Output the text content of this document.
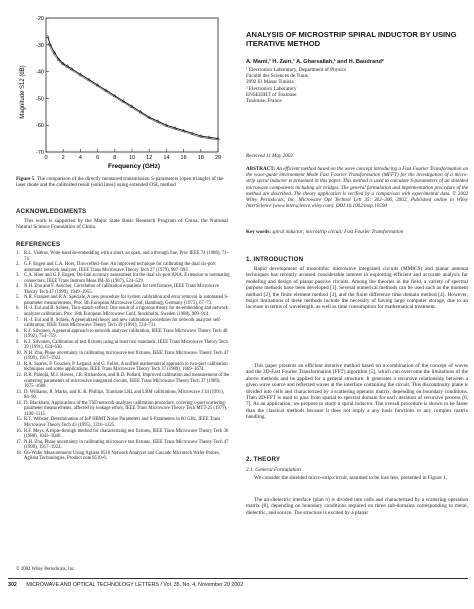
0	2	4	6	8 10 12 14 16 18 20
-20
-30
-40
-50
-60
-70
Magnitude S12 (dB)
Frequency (GHz)
Figure 5 The comparison of the directly measured transmission S-parameters (open triangle) of the laser diode and the calibrated result (solid lines) using extended OSL method
ACKNOWLEDGMENTS
This work is supported by the Major State Basic Research Program of China, the National Natural Science Foundation of China.
REFERENCES
1. R.L. Vaitkus, Wide-band de-embedding with a short, an open, and a through line, Proc IEEE 74 (1986), 71–74.
2. G.F. Engen and C.A. Hoer, Thru-reflect-line: An improved technique for calibrating the dual six-port automatic network analyzer, IEEE Trans Microwave Theory Tech 27 (1979), 987–993.
3. C.A. Hoer and G.F. Engen, On-line accuracy assessment for the dual six-port ANA: Extension to nonmating connectors, IEEE Trans Instrum Meas IM-36 (1987), 524–529.
4. N.H. Zhu and F. Auscher, Correlation of calibration equations for test fixtures, IEEE Trans Microwave Theory Tech 47 (1999), 1949–1955.
5. N.R. Franzen and R.A. Speciale, A new procedure for system calibration and error removal in automated S-parameter measurements, Proc 5th European Microwave Conf, Hamburg, Germany (1975), 67–73.
6. H.-J. Eul and B. Schiek, Thru-match-reflect: One result of a rigorous theory for de-embedding and network analyzer calibration, Proc 18th European Microwave Conf, Stockholm, Sweden (1988), 909–914.
7. H.-J. Eul and B. Schiek, A generalized theory and new calibration procedures for network analyzer self-calibration, IEEE Trans Microwave Theory Tech 39 (1991), 724–731.
8. K.J. Silvonen, A general approach to network analyzer calibration, IEEE Trans Microwave Theory Tech 40 (1992), 754–759.
9. K.J. Silvonen, Calibration of test fixtures using at least two standards, IEEE Trans Microwave Theory Tech 39 (1991), 624–630.
10. N.H. Zhu, Phase uncertainty in calibrating microwave test fixtures, IEEE Trans Microwave Theory Tech 47 (1999), 1917–1922.
11. R.A. Soares, P. Gouzien, P. Legaud, and G. Follot, A unified mathematical approach to two-port calibration techniques and some applications, IEEE Trans Microwave Theory Tech 37 (1989), 1669–1674.
12. R.R. Pantoja, M.J. Howes, J.R. Richardson, and R.D. Pollard, Improved calibration and measurement of the scattering parameters of microwave integrated circuits, IEEE Trans Microwave Theory Tech 37 (1989), 1675–1680.
13. D. Williams, R. Marks, and K. R. Phillips, Translate LRL and LRM calibrations, Microwave J 34 (1991), 84–90.
14. D. Blackham, Applications of the TSD network-analyzer calibration procedure, covering s-port scattering-parameter measurements, affected by leakage errors, IEEE Trans Microwave Theory Tech MTT-25 (1977), 1100–1115.
15. R.T. Webster, Determination of InP HBMT Noise Parameters and S-Parameters to 60 GHz, IEEE Trans Microwave Theory Tech 43 (1995), 1216–1225.
16. R.F. Meys, A triple-through method for characterizing test fixtures, IEEE Trans Microwave Theory Tech 36 (1988), 1043–1046.
17. N.H. Zhu, Phase uncertainty in calibrating microwave test fixtures, IEEE Trans Microwave Theory Tech 47 (1999), 1917–1922.
18. On-Wafer Measurements Using Agilent 8510 Network Analyzer and Cascade Microtech Wafer Probes, Agilent Technologies, Product note 8510-6.
© 2002 Wiley Periodicals, Inc.
ANALYSIS OF MICROSTRIP SPIRAL INDUCTOR BY USING ITERATIVE METHOD
A. Mami,¹ H. Zairi,¹ A. Gharsallah,¹ and H. Baudrand²
¹ Electronics Laboratory, Department of Physics
Faculté des Sciences de Tunis
2092 El Manar Tunisia
² Electronics Laboratory
ENSEEIHT of Toulouse
Toulouse, France
Received 11 May 2002
ABSTRACT: An efficient method based on the wave concept introducing a Fast Fourier Transformation on the wave-guide environment Mode Fast Fourier Transformation (MFFT) for the investigation of a micro-strip spiral inductor is presented in this paper. This method is used to calculate S-parameters of an shielded microwave components including air bridges. The general formulation and implementation procedure of the method are described. The theory application is verified by a comparison with experimental data. © 2002 Wiley Periodicals, Inc. Microwave Opt Technol Lett 35: 302–306, 2002; Published online in Wiley InterScience (www.interscience.wiley.com). DOI 10.1002/mop.10590
Key words: spiral inductor; microstrip circuit; Fast Fourier Transformation
1. INTRODUCTION
Rapid development of monolithic microwave integrated circuits (MMICS) and planar antenna techniques has recently aroused considerable interest in exploiting efficient and accurate analysis for modeling and design of planar passive circuits. Among the theories in the field, a variety of spectral purpose methods have been developed [1]. Several numerical methods can be used such as the moment method [2], the finite element method [3], and the finite difference time domain method [4]. However, major limitations of these methods include the necessity of having large computer storage, due to an increase in terms of wavelength, as well as time consumption for mathematical treatment.
This paper presents an efficient iterative method based on a combination of the concept of waves and the 2D-Fast Fourier Transformation (FFT) algorithm [5], which can overcome the limitations of the above methods and be applied for a general structure. It generates a recursive relationship between a given wave source and reflected waves at the interface containing the circuit. This discontinuity plane is divided into cells and characterized by a scattering operator matrix, depending on boundary conditions. Then 2D-FFT is used to pass from spatial to spectral domain for each iteration of recursive process [6, 7]. As an application, we propose to study a spiral inductor. The overall procedure is shown to be faster than the classical methods because it does not imply a any basis functions or any complex matrix handling.
2. THEORY
2.1. General Formulation
We consider the shielded micro-strip circuit, assumed to be loss less, presented in Figure 1.
The air-dielectric interface (plan π) is divided into cells and characterized by a scattering operation matrix [8], depending on boundary conditions required on three sub-domains corresponding to metal, dielectric, and source. The structure is excited by a planar
302 MICROWAVE AND OPTICAL TECHNOLOGY LETTERS / Vol. 35, No. 4, November 20 2002
